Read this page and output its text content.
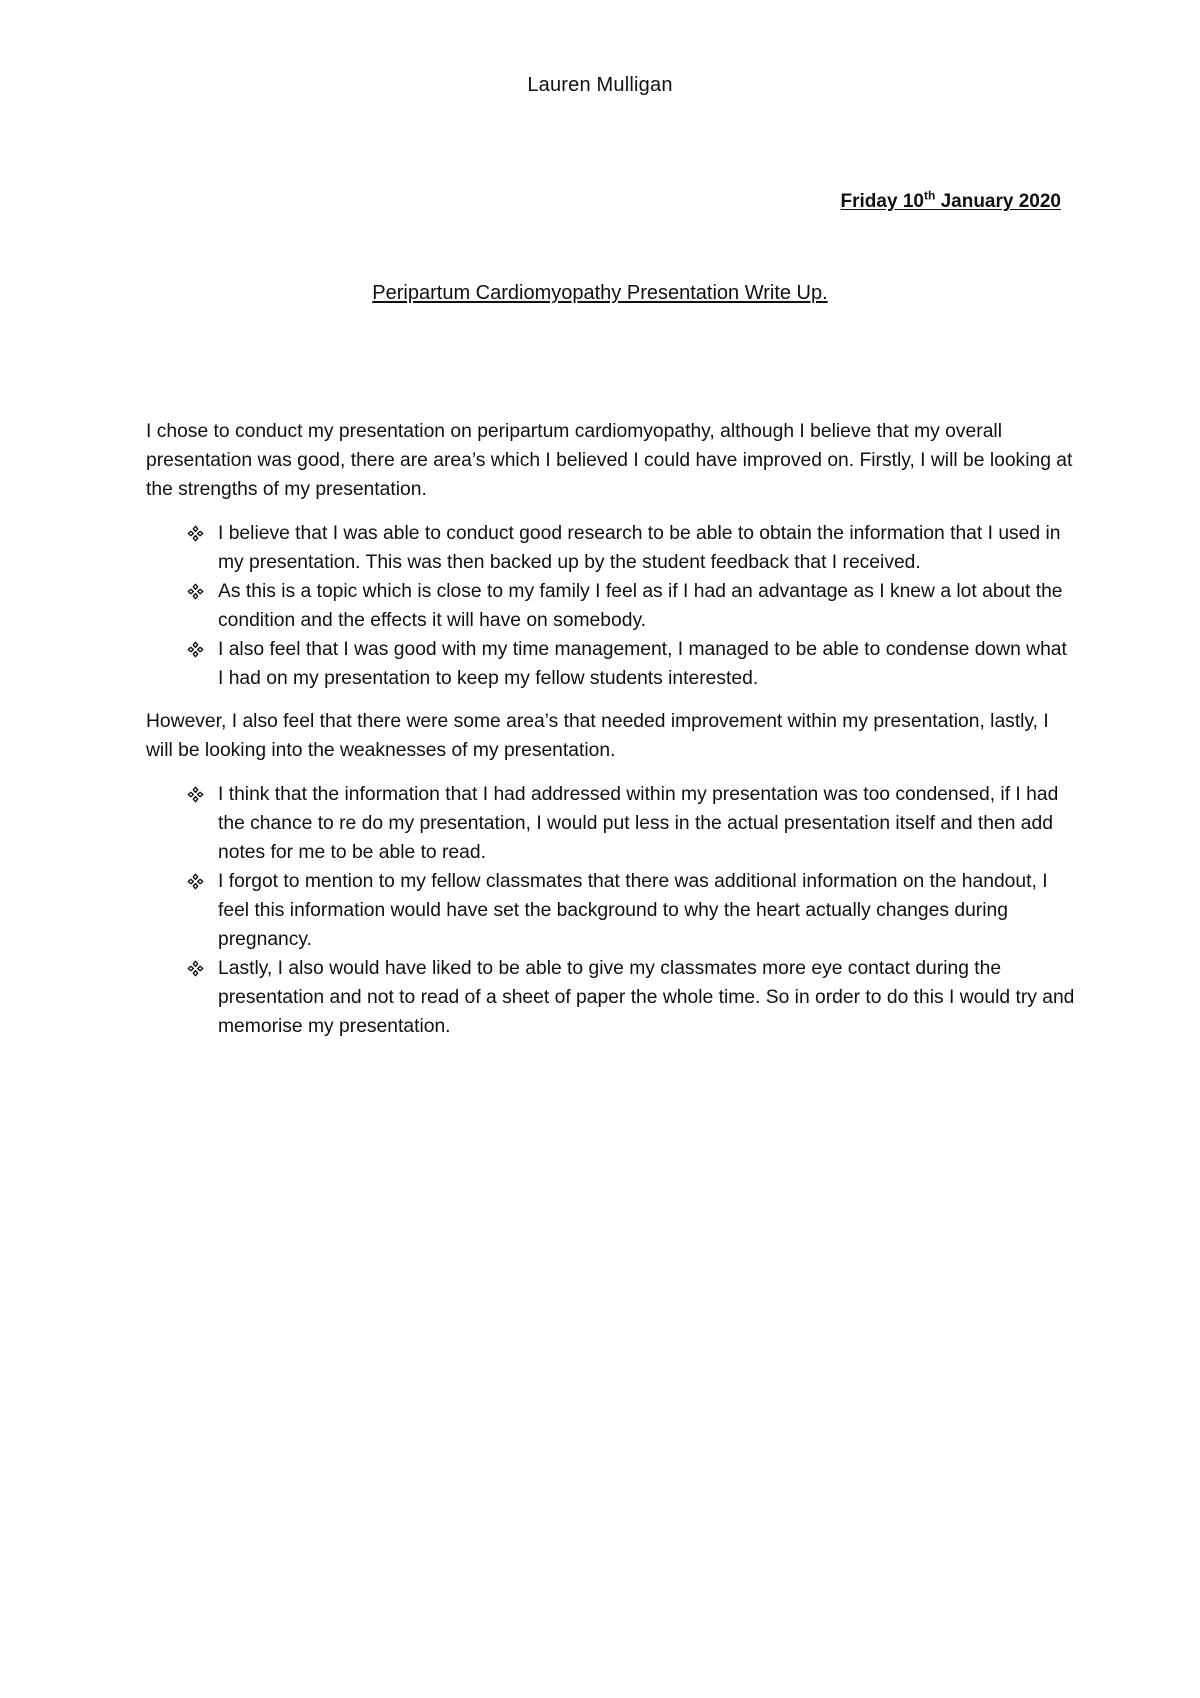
Lauren Mulligan
Friday 10th January 2020
Peripartum Cardiomyopathy Presentation Write Up.

I chose to conduct my presentation on peripartum cardiomyopathy, although I believe that my overall presentation was good, there are area’s which I believed I could have improved on. Firstly, I will be looking at the strengths of my presentation.

I believe that I was able to conduct good research to be able to obtain the information that I used in my presentation. This was then backed up by the student feedback that I received.
As this is a topic which is close to my family I feel as if I had an advantage as I knew a lot about the condition and the effects it will have on somebody.
I also feel that I was good with my time management, I managed to be able to condense down what I had on my presentation to keep my fellow students interested.

However, I also feel that there were some area’s that needed improvement within my presentation, lastly, I will be looking into the weaknesses of my presentation.

I think that the information that I had addressed within my presentation was too condensed, if I had the chance to re do my presentation, I would put less in the actual presentation itself and then add notes for me to be able to read.
I forgot to mention to my fellow classmates that there was additional information on the handout, I feel this information would have set the background to why the heart actually changes during pregnancy.
Lastly, I also would have liked to be able to give my classmates more eye contact during the presentation and not to read of a sheet of paper the whole time. So in order to do this I would try and memorise my presentation.
